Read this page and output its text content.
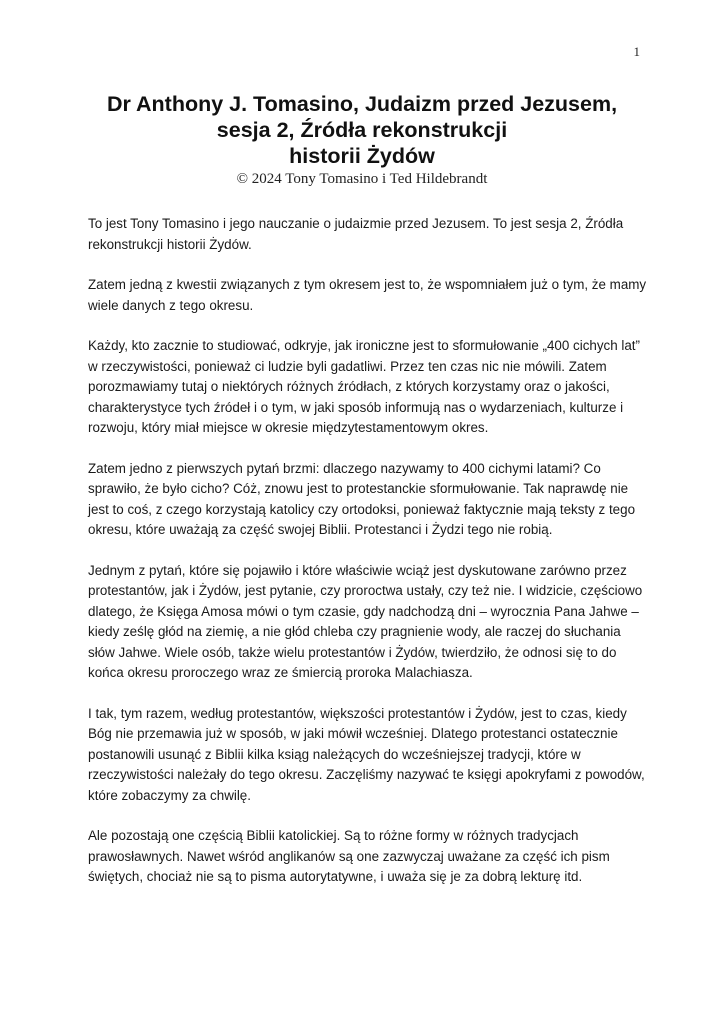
1
Dr Anthony J. Tomasino, Judaizm przed Jezusem,
sesja 2, Źródła rekonstrukcji
historii Żydów
© 2024 Tony Tomasino i Ted Hildebrandt

To jest Tony Tomasino i jego nauczanie o judaizmie przed Jezusem. To jest sesja 2, Źródła rekonstrukcji historii Żydów.

Zatem jedną z kwestii związanych z tym okresem jest to, że wspomniałem już o tym, że mamy wiele danych z tego okresu.

Każdy, kto zacznie to studiować, odkryje, jak ironiczne jest to sformułowanie „400 cichych lat” w rzeczywistości, ponieważ ci ludzie byli gadatliwi. Przez ten czas nic nie mówili. Zatem porozmawiamy tutaj o niektórych różnych źródłach, z których korzystamy oraz o jakości, charakterystyce tych źródeł i o tym, w jaki sposób informują nas o wydarzeniach, kulturze i rozwoju, który miał miejsce w okresie międzytestamentowym okres.

Zatem jedno z pierwszych pytań brzmi: dlaczego nazywamy to 400 cichymi latami? Co sprawiło, że było cicho? Cóż, znowu jest to protestanckie sformułowanie. Tak naprawdę nie jest to coś, z czego korzystają katolicy czy ortodoksi, ponieważ faktycznie mają teksty z tego okresu, które uważają za część swojej Biblii. Protestanci i Żydzi tego nie robią.

Jednym z pytań, które się pojawiło i które właściwie wciąż jest dyskutowane zarówno przez protestantów, jak i Żydów, jest pytanie, czy proroctwa ustały, czy też nie. I widzicie, częściowo dlatego, że Księga Amosa mówi o tym czasie, gdy nadchodzą dni – wyrocznia Pana Jahwe – kiedy ześlę głód na ziemię, a nie głód chleba czy pragnienie wody, ale raczej do słuchania słów Jahwe. Wiele osób, także wielu protestantów i Żydów, twierdziło, że odnosi się to do końca okresu proroczego wraz ze śmiercią proroka Malachiasza.

I tak, tym razem, według protestantów, większości protestantów i Żydów, jest to czas, kiedy Bóg nie przemawia już w sposób, w jaki mówił wcześniej. Dlatego protestanci ostatecznie postanowili usunąć z Biblii kilka ksiąg należących do wcześniejszej tradycji, które w rzeczywistości należały do tego okresu. Zaczęliśmy nazywać te księgi apokryfami z powodów, które zobaczymy za chwilę.

Ale pozostają one częścią Biblii katolickiej. Są to różne formy w różnych tradycjach prawosławnych. Nawet wśród anglikanów są one zazwyczaj uważane za część ich pism świętych, chociaż nie są to pisma autorytatywne, i uważa się je za dobrą lekturę itd.
